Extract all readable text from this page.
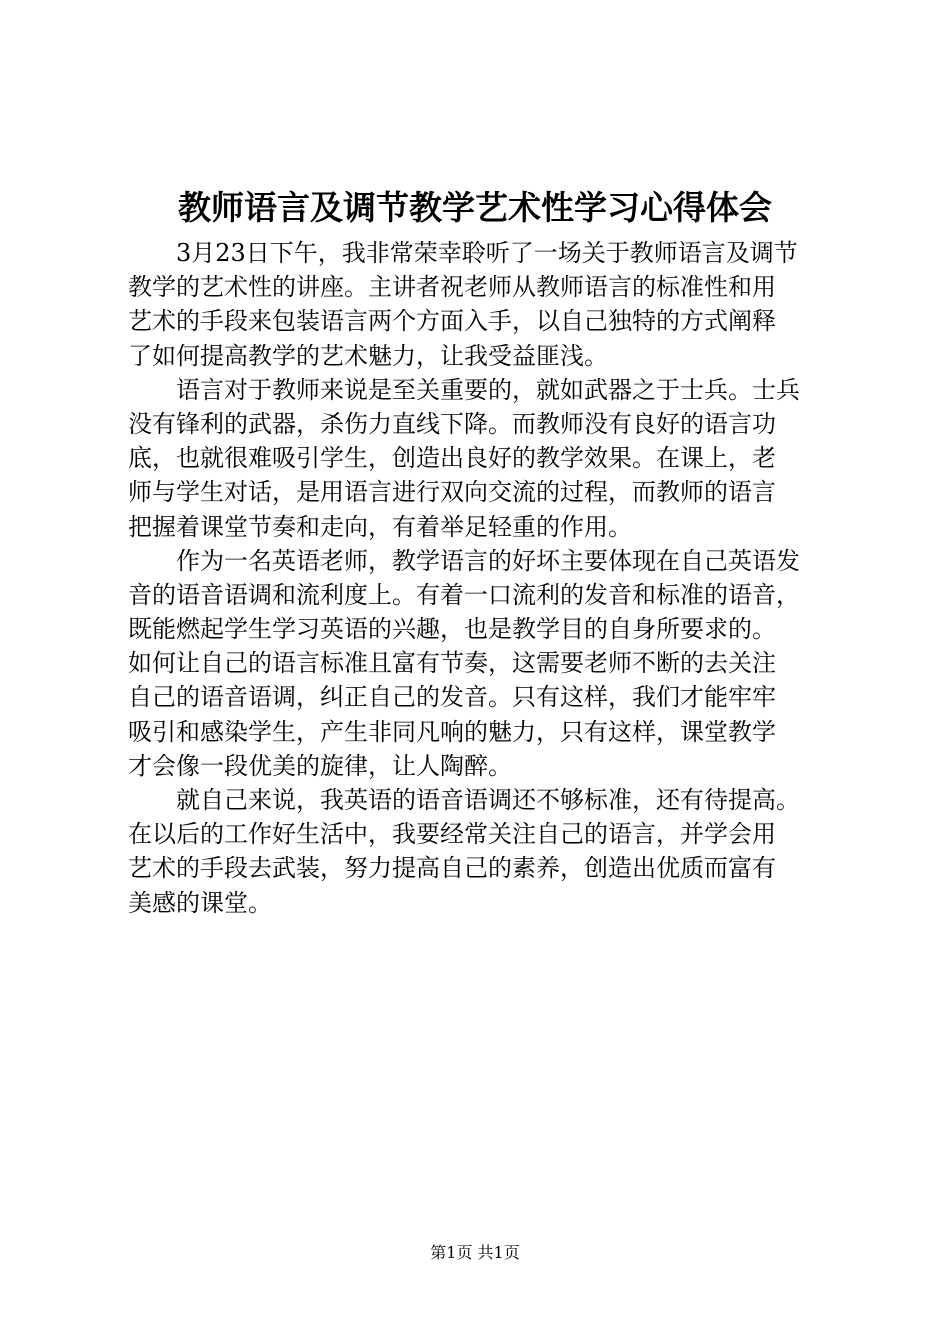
教师语言及调节教学艺术性学习心得体会
3月23日下午，我非常荣幸聆听了一场关于教师语言及调节
教学的艺术性的讲座。主讲者祝老师从教师语言的标准性和用
艺术的手段来包装语言两个方面入手，以自己独特的方式阐释
了如何提高教学的艺术魅力，让我受益匪浅。
语言对于教师来说是至关重要的，就如武器之于士兵。士兵
没有锋利的武器，杀伤力直线下降。而教师没有良好的语言功
底，也就很难吸引学生，创造出良好的教学效果。在课上，老
师与学生对话，是用语言进行双向交流的过程，而教师的语言
把握着课堂节奏和走向，有着举足轻重的作用。
作为一名英语老师，教学语言的好坏主要体现在自己英语发
音的语音语调和流利度上。有着一口流利的发音和标准的语音，
既能燃起学生学习英语的兴趣，也是教学目的自身所要求的。
如何让自己的语言标准且富有节奏，这需要老师不断的去关注
自己的语音语调，纠正自己的发音。只有这样，我们才能牢牢
吸引和感染学生，产生非同凡响的魅力，只有这样，课堂教学
才会像一段优美的旋律，让人陶醉。
就自己来说，我英语的语音语调还不够标准，还有待提高。
在以后的工作好生活中，我要经常关注自己的语言，并学会用
艺术的手段去武装，努力提高自己的素养，创造出优质而富有
美感的课堂。
第1页 共1页
